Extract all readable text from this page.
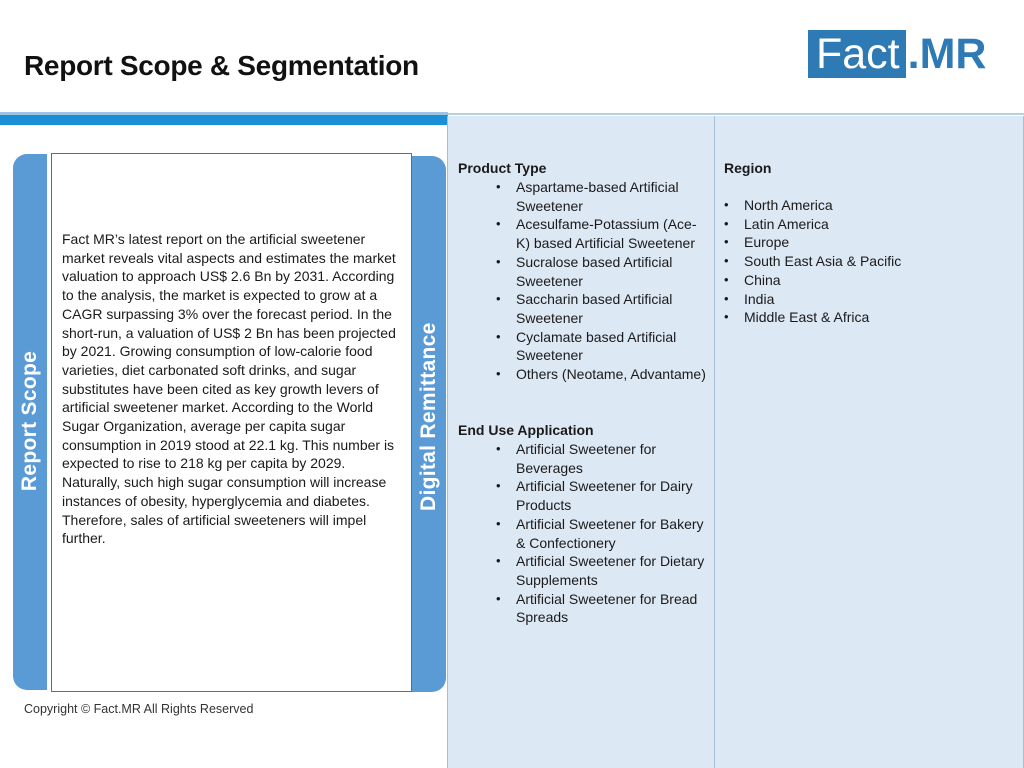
Report Scope & Segmentation	Fact .MR
Report Scope
Fact MR’s latest report on the artificial sweetener market reveals vital aspects and estimates the market valuation to approach US$ 2.6 Bn by 2031. According to the analysis, the market is expected to grow at a CAGR surpassing 3% over the forecast period. In the short-run, a valuation of US$ 2 Bn has been projected by 2021. Growing consumption of low-calorie food varieties, diet carbonated soft drinks, and sugar substitutes have been cited as key growth levers of artificial sweetener market. According to the World Sugar Organization, average per capita sugar consumption in 2019 stood at 22.1 kg. This number is expected to rise to 218 kg per capita by 2029. Naturally, such high sugar consumption will increase instances of obesity, hyperglycemia and diabetes. Therefore, sales of artificial sweeteners will impel further.
Digital Remittance
Copyright © Fact.MR All Rights Reserved
Product Type
• Aspartame-based Artificial Sweetener
• Acesulfame-Potassium (Ace-K) based Artificial Sweetener
• Sucralose based Artificial Sweetener
• Saccharin based Artificial Sweetener
• Cyclamate based Artificial Sweetener
• Others (Neotame, Advantame)
End Use Application
• Artificial Sweetener for Beverages
• Artificial Sweetener for Dairy Products
• Artificial Sweetener for Bakery & Confectionery
• Artificial Sweetener for Dietary Supplements
• Artificial Sweetener for Bread Spreads
Region
• North America
• Latin America
• Europe
• South East Asia & Pacific
• China
• India
• Middle East & Africa
